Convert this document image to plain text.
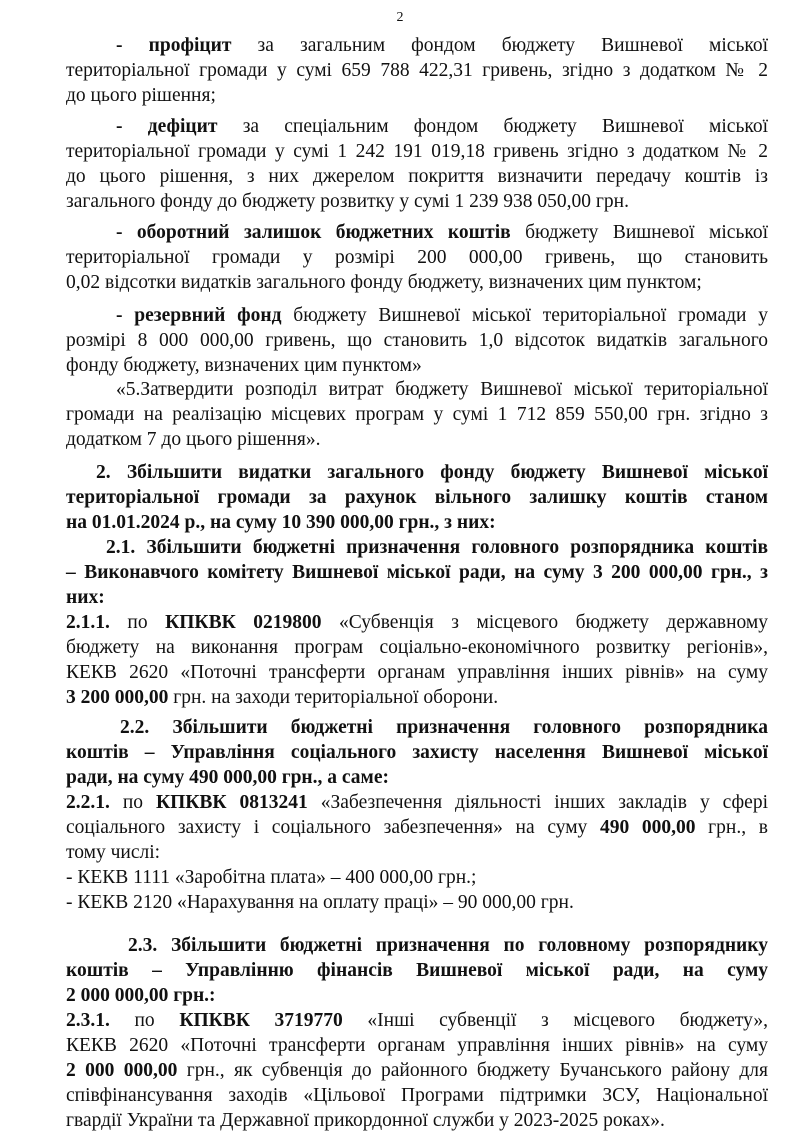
2
- профіцит за загальним фондом бюджету Вишневої міської
територіальної громади у сумі 659 788 422,31 гривень, згідно з додатком № 2
до цього рішення;
- дефіцит за спеціальним фондом бюджету Вишневої міської
територіальної громади у сумі 1 242 191 019,18 гривень згідно з додатком № 2
до цього рішення, з них джерелом покриття визначити передачу коштів із
загального фонду до бюджету розвитку у сумі 1 239 938 050,00 грн.
- оборотний залишок бюджетних коштів бюджету Вишневої міської
територіальної громади у розмірі 200 000,00 гривень, що становить
0,02 відсотки видатків загального фонду бюджету, визначених цим пунктом;
- резервний фонд бюджету Вишневої міської територіальної громади у
розмірі 8 000 000,00 гривень, що становить 1,0 відсоток видатків загального
фонду бюджету, визначених цим пунктом»
«5.Затвердити розподіл витрат бюджету Вишневої міської територіальної
громади на реалізацію місцевих програм у сумі 1 712 859 550,00 грн. згідно з
додатком 7 до цього рішення».
2. Збільшити видатки загального фонду бюджету Вишневої міської
територіальної громади за рахунок вільного залишку коштів станом
на 01.01.2024 р., на суму 10 390 000,00 грн., з них:
2.1. Збільшити бюджетні призначення головного розпорядника коштів
– Виконавчого комітету Вишневої міської ради, на суму 3 200 000,00 грн., з
них:
2.1.1. по КПКВК 0219800 «Субвенція з місцевого бюджету державному
бюджету на виконання програм соціально-економічного розвитку регіонів»,
КЕКВ 2620 «Поточні трансферти органам управління інших рівнів» на суму
3 200 000,00 грн. на заходи територіальної оборони.
2.2. Збільшити бюджетні призначення головного розпорядника
коштів – Управління соціального захисту населення Вишневої міської
ради, на суму 490 000,00 грн., а саме:
2.2.1. по КПКВК 0813241 «Забезпечення діяльності інших закладів у сфері
соціального захисту і соціального забезпечення» на суму 490 000,00 грн., в
тому числі:
- КЕКВ 1111 «Заробітна плата» – 400 000,00 грн.;
- КЕКВ 2120 «Нарахування на оплату праці» – 90 000,00 грн.
2.3. Збільшити бюджетні призначення по головному розпоряднику
коштів – Управлінню фінансів Вишневої міської ради, на суму
2 000 000,00 грн.:
2.3.1. по КПКВК 3719770 «Інші субвенції з місцевого бюджету»,
КЕКВ 2620 «Поточні трансферти органам управління інших рівнів» на суму
2 000 000,00 грн., як субвенція до районного бюджету Бучанського району для
співфінансування заходів «Цільової Програми підтримки ЗСУ, Національної
гвардії України та Державної прикордонної служби у 2023-2025 роках».
